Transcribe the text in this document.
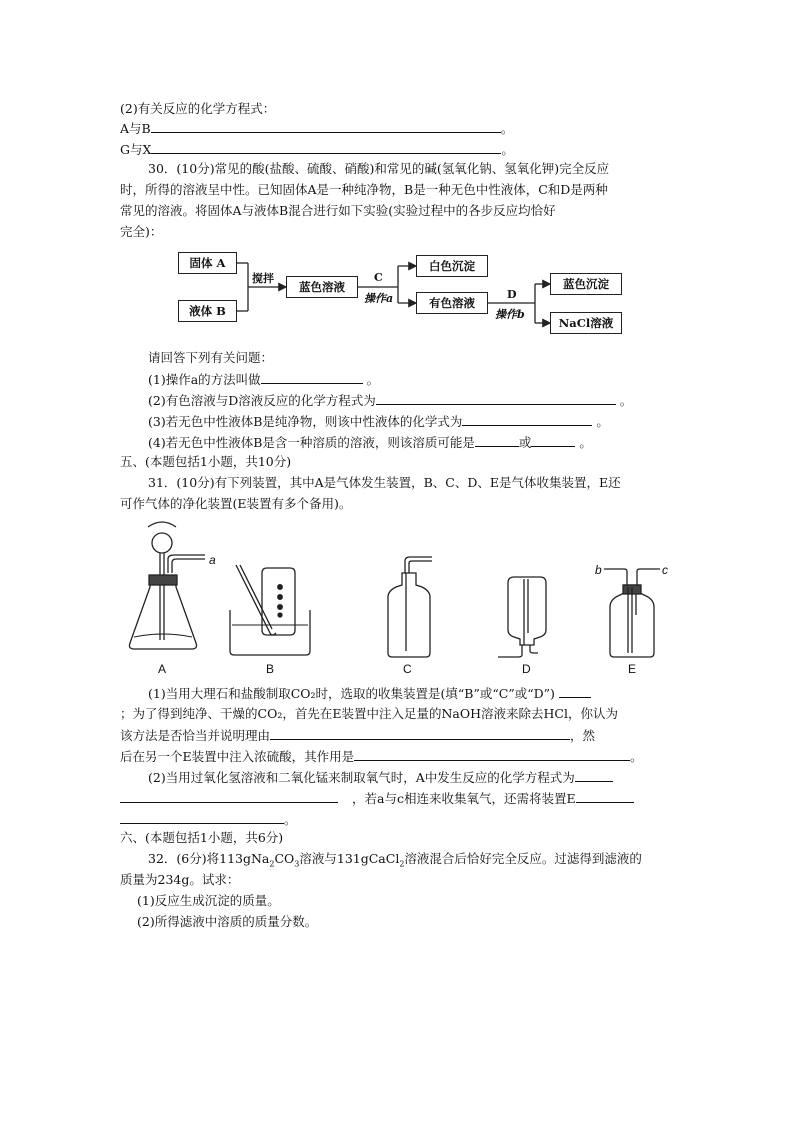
(2)有关反应的化学方程式：
A与B	。
G与X	。
30．(10分)常见的酸(盐酸、硫酸、硝酸)和常见的碱(氢氧化钠、氢氧化钾)完全反应
时，所得的溶液呈中性。已知固体A是一种纯净物，B是一种无色中性液体，C和D是两种
常见的溶液。将固体A与液体B混合进行如下实验(实验过程中的各步反应均恰好
完全)：
固体 A
液体 B
搅拌
蓝色溶液
C
操作a
白色沉淀
有色溶液
D
操作b
蓝色沉淀
NaCl溶液
请回答下列有关问题：
(1)操作a的方法叫做	。
(2)有色溶液与D溶液反应的化学方程式为	。
(3)若无色中性液体B是纯净物，则该中性液体的化学式为	。
(4)若无色中性液体B是含一种溶质的溶液，则该溶质可能是	或	。
五、(本题包括1小题，共10分)
31．(10分)有下列装置，其中A是气体发生装置，B、C、D、E是气体收集装置，E还
可作气体的净化装置(E装置有多个备用)。
a
b	c
A	B	C	D	E
(1)当用大理石和盐酸制取CO₂时，选取的收集装置是(填“B”或“C”或“D”)
；为了得到纯净、干燥的CO₂，首先在E装置中注入足量的NaOH溶液来除去HCl，你认为
该方法是否恰当并说明理由	，然
后在另一个E装置中注入浓硫酸，其作用是	。
(2)当用过氧化氢溶液和二氧化锰来制取氧气时，A中发生反应的化学方程式为
，若a与c相连来收集氧气，还需将装置E
。
六、(本题包括1小题，共6分)
32．(6分)将$113gNa_2CO_3$溶液与131gCaCl$_2$溶液混合后恰好完全反应。过滤得到滤液的
质量为234g。试求：
(1)反应生成沉淀的质量。
(2)所得滤液中溶质的质量分数。
